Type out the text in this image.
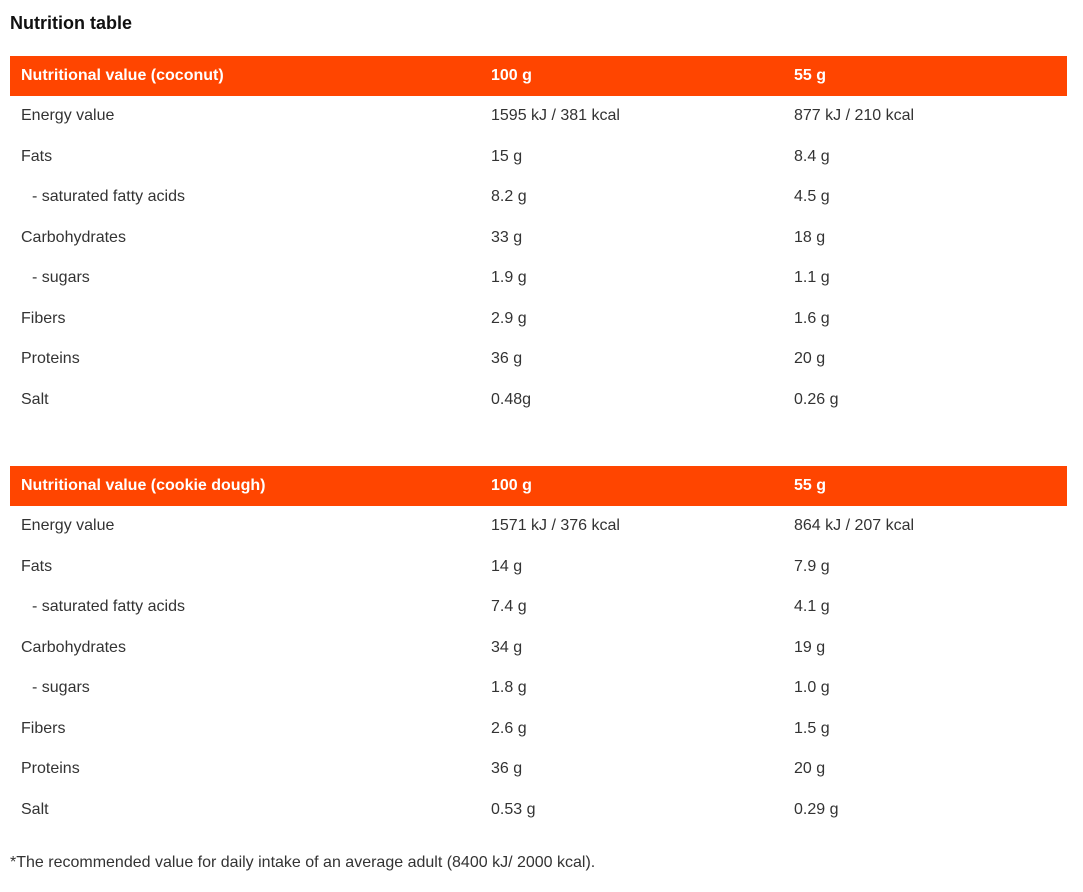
Nutrition table
Nutritional value (coconut)	100 g	55 g
Energy value	1595 kJ / 381 kcal	877 kJ / 210 kcal
Fats	15 g	8.4 g
- saturated fatty acids	8.2 g	4.5 g
Carbohydrates	33 g	18 g
- sugars	1.9 g	1.1 g
Fibers	2.9 g	1.6 g
Proteins	36 g	20 g
Salt	0.48g	0.26 g
Nutritional value (cookie dough)	100 g	55 g
Energy value	1571 kJ / 376 kcal	864 kJ / 207 kcal
Fats	14 g	7.9 g
- saturated fatty acids	7.4 g	4.1 g
Carbohydrates	34 g	19 g
- sugars	1.8 g	1.0 g
Fibers	2.6 g	1.5 g
Proteins	36 g	20 g
Salt	0.53 g	0.29 g

*The recommended value for daily intake of an average adult (8400 kJ/ 2000 kcal).
